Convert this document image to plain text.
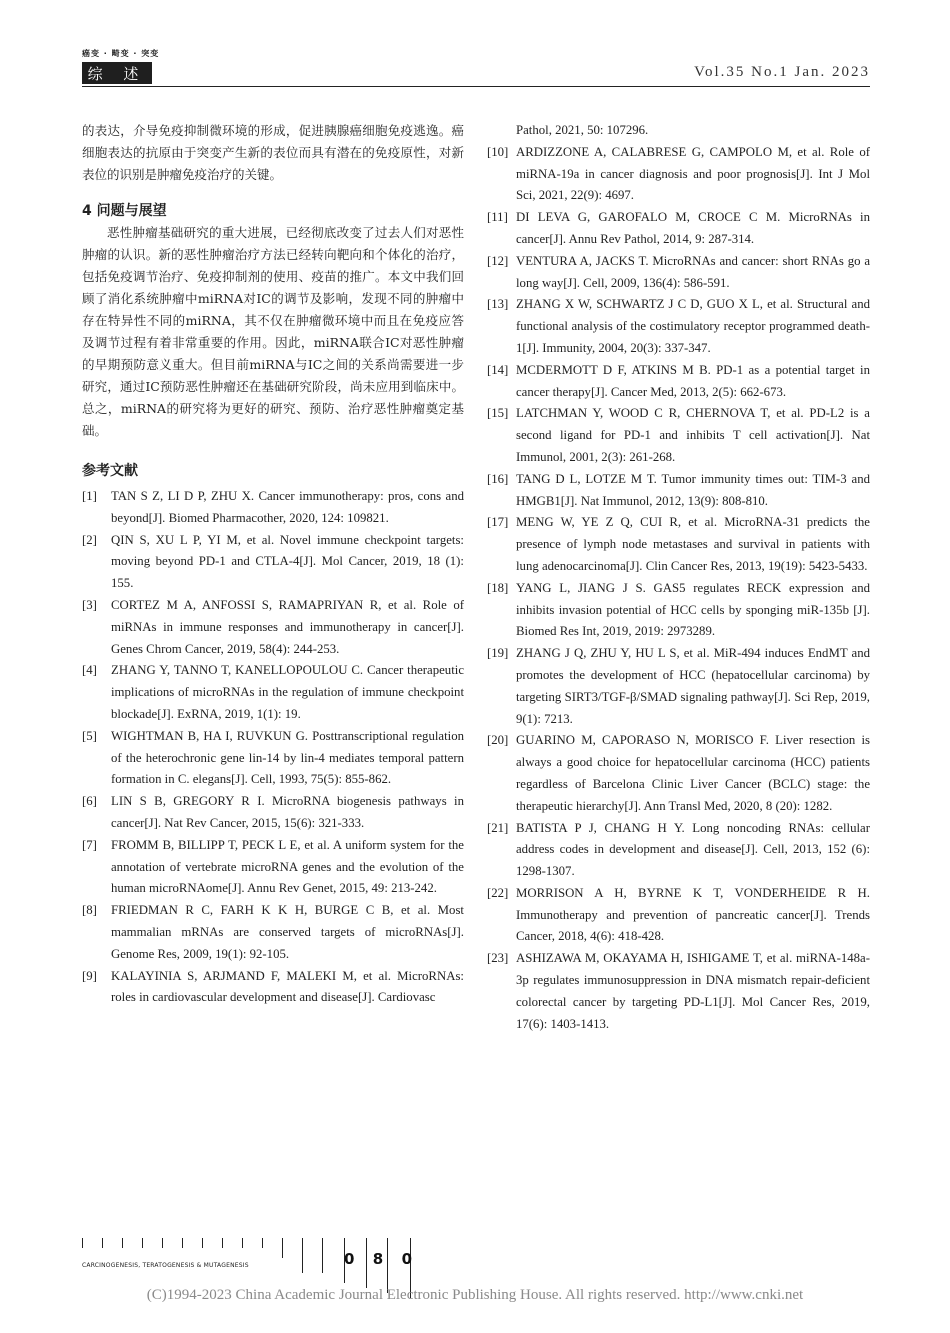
癌变 · 畸变 · 突变
综 述	Vol.35 No.1 Jan. 2023

的表达，介导免疫抑制微环境的形成，促进胰腺癌细胞免疫逃逸。癌细胞表达的抗原由于突变产生新的表位而具有潜在的免疫原性，对新表位的识别是肿瘤免疫治疗的关键。

4 问题与展望

恶性肿瘤基础研究的重大进展，已经彻底改变了过去人们对恶性肿瘤的认识。新的恶性肿瘤治疗方法已经转向靶向和个体化的治疗，包括免疫调节治疗、免疫抑制剂的使用、疫苗的推广。本文中我们回顾了消化系统肿瘤中miRNA对IC的调节及影响，发现不同的肿瘤中存在特异性不同的miRNA，其不仅在肿瘤微环境中而且在免疫应答及调节过程有着非常重要的作用。因此，miRNA联合IC对恶性肿瘤的早期预防意义重大。但目前miRNA与IC之间的关系尚需要进一步研究，通过IC预防恶性肿瘤还在基础研究阶段，尚未应用到临床中。总之，miRNA的研究将为更好的研究、预防、治疗恶性肿瘤奠定基础。

参考文献
[1]	TAN S Z, LI D P, ZHU X. Cancer immunotherapy: pros, cons and beyond[J]. Biomed Pharmacother, 2020, 124: 109821.
[2]	QIN S, XU L P, YI M, et al. Novel immune checkpoint targets: moving beyond PD-1 and CTLA-4[J]. Mol Cancer, 2019, 18 (1): 155.
[3]	CORTEZ M A, ANFOSSI S, RAMAPRIYAN R, et al. Role of miRNAs in immune responses and immunotherapy in cancer[J]. Genes Chrom Cancer, 2019, 58(4): 244-253.
[4]	ZHANG Y, TANNO T, KANELLOPOULOU C. Cancer therapeutic implications of microRNAs in the regulation of immune checkpoint blockade[J]. ExRNA, 2019, 1(1): 19.
[5]	WIGHTMAN B, HA I, RUVKUN G. Posttranscriptional regulation of the heterochronic gene lin-14 by lin-4 mediates temporal pattern formation in C. elegans[J]. Cell, 1993, 75(5): 855-862.
[6]	LIN S B, GREGORY R I. MicroRNA biogenesis pathways in cancer[J]. Nat Rev Cancer, 2015, 15(6): 321-333.
[7]	FROMM B, BILLIPP T, PECK L E, et al. A uniform system for the annotation of vertebrate microRNA genes and the evolution of the human microRNAome[J]. Annu Rev Genet, 2015, 49: 213-242.
[8]	FRIEDMAN R C, FARH K K H, BURGE C B, et al. Most mammalian mRNAs are conserved targets of microRNAs[J]. Genome Res, 2009, 19(1): 92-105.
[9]	KALAYINIA S, ARJMAND F, MALEKI M, et al. MicroRNAs: roles in cardiovascular development and disease[J]. Cardiovasc
Pathol, 2021, 50: 107296.
[10] ARDIZZONE A, CALABRESE G, CAMPOLO M, et al. Role of miRNA-19a in cancer diagnosis and poor prognosis[J]. Int J Mol Sci, 2021, 22(9): 4697.
[11] DI LEVA G, GAROFALO M, CROCE C M. MicroRNAs in cancer[J]. Annu Rev Pathol, 2014, 9: 287-314.
[12] VENTURA A, JACKS T. MicroRNAs and cancer: short RNAs go a long way[J]. Cell, 2009, 136(4): 586-591.
[13] ZHANG X W, SCHWARTZ J C D, GUO X L, et al. Structural and functional analysis of the costimulatory receptor programmed death-1[J]. Immunity, 2004, 20(3): 337-347.
[14] MCDERMOTT D F, ATKINS M B. PD-1 as a potential target in cancer therapy[J]. Cancer Med, 2013, 2(5): 662-673.
[15] LATCHMAN Y, WOOD C R, CHERNOVA T, et al. PD-L2 is a second ligand for PD-1 and inhibits T cell activation[J]. Nat Immunol, 2001, 2(3): 261-268.
[16] TANG D L, LOTZE M T. Tumor immunity times out: TIM-3 and HMGB1[J]. Nat Immunol, 2012, 13(9): 808-810.
[17] MENG W, YE Z Q, CUI R, et al. MicroRNA-31 predicts the presence of lymph node metastases and survival in patients with lung adenocarcinoma[J]. Clin Cancer Res, 2013, 19(19): 5423-5433.
[18] YANG L, JIANG J S. GAS5 regulates RECK expression and inhibits invasion potential of HCC cells by sponging miR-135b [J]. Biomed Res Int, 2019, 2019: 2973289.
[19] ZHANG J Q, ZHU Y, HU L S, et al. MiR-494 induces EndMT and promotes the development of HCC (hepatocellular carcinoma) by targeting SIRT3/TGF-β/SMAD signaling pathway[J]. Sci Rep, 2019, 9(1): 7213.
[20] GUARINO M, CAPORASO N, MORISCO F. Liver resection is always a good choice for hepatocellular carcinoma (HCC) patients regardless of Barcelona Clinic Liver Cancer (BCLC) stage: the therapeutic hierarchy[J]. Ann Transl Med, 2020, 8 (20): 1282.
[21] BATISTA P J, CHANG H Y. Long noncoding RNAs: cellular address codes in development and disease[J]. Cell, 2013, 152 (6): 1298-1307.
[22] MORRISON A H, BYRNE K T, VONDERHEIDE R H. Immunotherapy and prevention of pancreatic cancer[J]. Trends Cancer, 2018, 4(6): 418-428.
[23] ASHIZAWA M, OKAYAMA H, ISHIGAME T, et al. miRNA-148a-3p regulates immunosuppression in DNA mismatch repair-deficient colorectal cancer by targeting PD-L1[J]. Mol Cancer Res, 2019, 17(6): 1403-1413.
CARCINOGENESIS, TERATOGENESIS & MUTAGENESIS	0 8 0
(C)1994-2023 China Academic Journal Electronic Publishing House. All rights reserved. http://www.cnki.net
